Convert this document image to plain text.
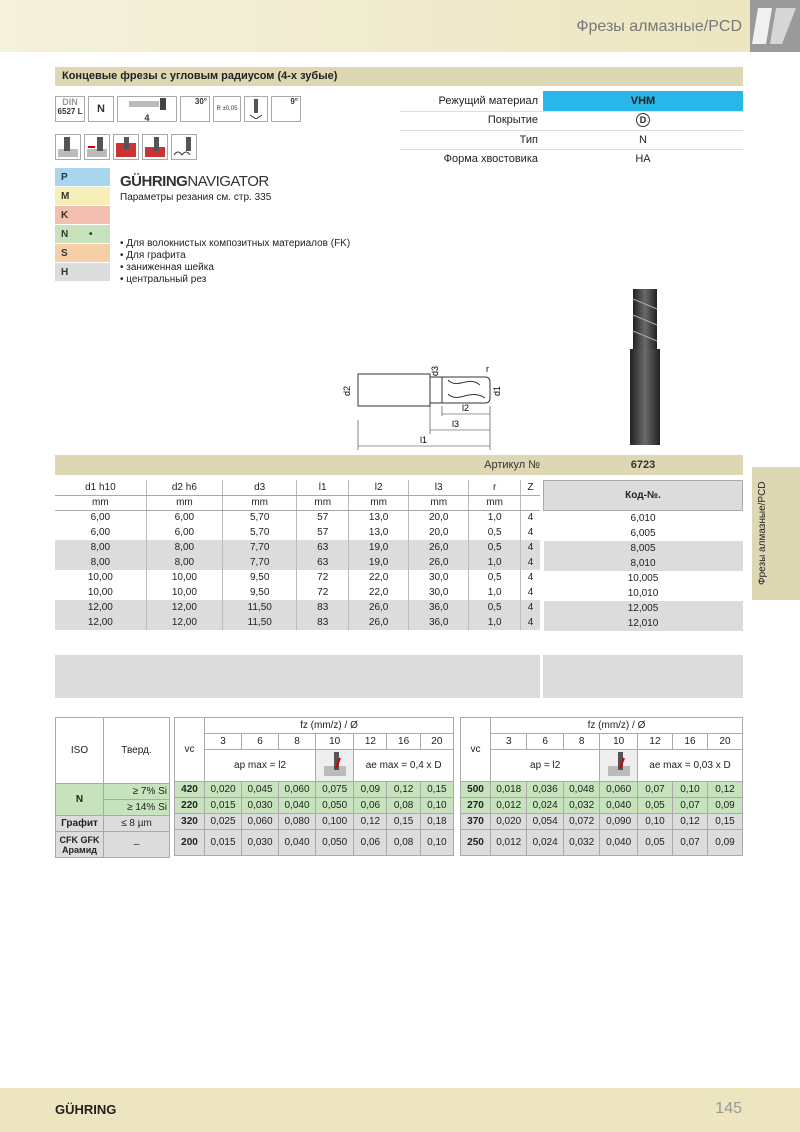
Фрезы алмазные/PCD
Концевые фрезы с угловым радиусом (4-х зубые)
DIN
6527 L	N
4
30°
R ±0,05
9°	Режущий материал	VHM
Покрытие	D
Тип	N
Форма хвостовика	HA
P
M
K
N •
S
H
GÜHRINGNAVIGATOR
Параметры резания см. стр. 335
• Для волокнистых композитных материалов (FK)
• Для графита
• заниженная шейка
• центральный рез
d2
d3
d1
r
l2
l3
l1
Артикул №	6723
d1 h10	d2 h6	d3	l1	l2	l3	r	Z
mm	mm	mm	mm	mm	mm	mm	
6,00	6,00	5,70	57	13,0	20,0	1,0	4
6,00	6,00	5,70	57	13,0	20,0	0,5	4
8,00	8,00	7,70	63	19,0	26,0	0,5	4
8,00	8,00	7,70	63	19,0	26,0	1,0	4
10,00	10,00	9,50	72	22,0	30,0	0,5	4
10,00	10,00	9,50	72	22,0	30,0	1,0	4
12,00	12,00	11,50	83	26,0	36,0	0,5	4
12,00	12,00	11,50	83	26,0	36,0	1,0	4
Код-№.
6,010
6,005
8,005
8,010
10,005
10,010
12,005
12,010
Фрезы алмазные/PCD
ISO	Тверд.
N	≥ 7% Si
	≥ 14% Si
Графит	≤ 8 µm
CFK GFK Арамид	–
vc	fz (mm/z) / Ø						
	3	6	8	10	12	16	20
	ap max = l2				ae max = 0,4 x D		
420	0,020	0,045	0,060	0,075	0,09	0,12	0,15
220	0,015	0,030	0,040	0,050	0,06	0,08	0,10
320	0,025	0,060	0,080	0,100	0,12	0,15	0,18
200	0,015	0,030	0,040	0,050	0,06	0,08	0,10
vc	fz (mm/z) / Ø						
	3	6	8	10	12	16	20
	ap = l2				ae max = 0,03 x D		
500	0,018	0,036	0,048	0,060	0,07	0,10	0,12
270	0,012	0,024	0,032	0,040	0,05	0,07	0,09
370	0,020	0,054	0,072	0,090	0,10	0,12	0,15
250	0,012	0,024	0,032	0,040	0,05	0,07	0,09
GÜHRING	145
